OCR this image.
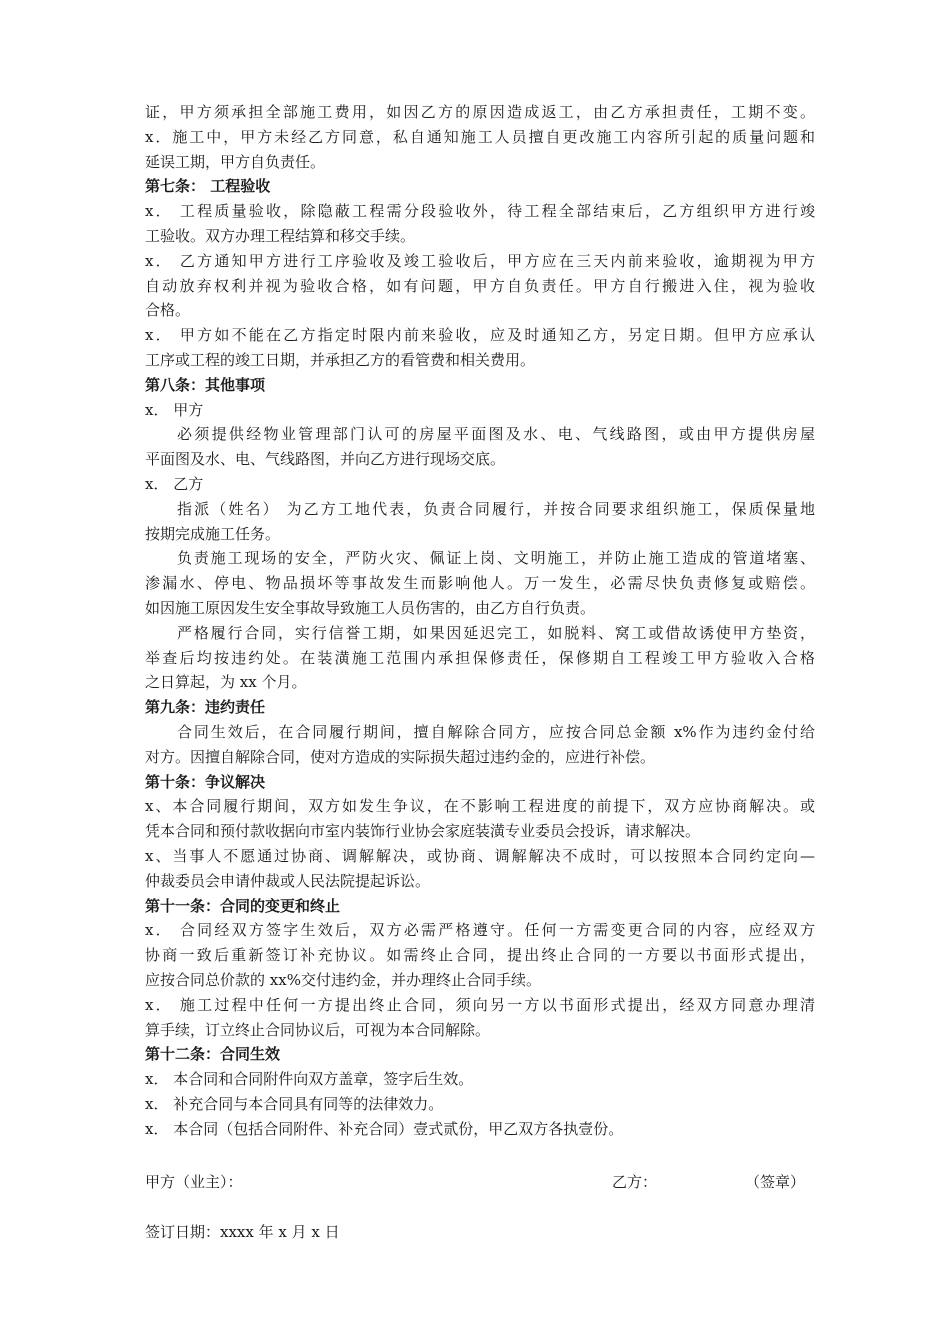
证，甲方须承担全部施工费用，如因乙方的原因造成返工，由乙方承担责任，工期不变。
x．施工中，甲方未经乙方同意，私自通知施工人员擅自更改施工内容所引起的质量问题和
延误工期，甲方自负责任。
第七条： 工程验收
x． 工程质量验收，除隐蔽工程需分段验收外，待工程全部结束后，乙方组织甲方进行竣
工验收。双方办理工程结算和移交手续。
x． 乙方通知甲方进行工序验收及竣工验收后，甲方应在三天内前来验收，逾期视为甲方
自动放弃权利并视为验收合格，如有问题，甲方自负责任。甲方自行搬进入住，视为验收
合格。
x． 甲方如不能在乙方指定时限内前来验收，应及时通知乙方，另定日期。但甲方应承认
工序或工程的竣工日期，并承担乙方的看管费和相关费用。
第八条：其他事项
x． 甲方
必须提供经物业管理部门认可的房屋平面图及水、电、气线路图，或由甲方提供房屋
平面图及水、电、气线路图，并向乙方进行现场交底。
x． 乙方
指派（姓名） 为乙方工地代表，负责合同履行，并按合同要求组织施工，保质保量地
按期完成施工任务。
负责施工现场的安全，严防火灾、佩证上岗、文明施工，并防止施工造成的管道堵塞、
渗漏水、停电、物品损坏等事故发生而影响他人。万一发生，必需尽快负责修复或赔偿。
如因施工原因发生安全事故导致施工人员伤害的，由乙方自行负责。
严格履行合同，实行信誉工期，如果因延迟完工，如脱料、窝工或借故诱使甲方垫资，
举查后均按违约处。在装潢施工范围内承担保修责任，保修期自工程竣工甲方验收入合格
之日算起，为 xx 个月。
第九条：违约责任
合同生效后，在合同履行期间，擅自解除合同方，应按合同总金额 x%作为违约金付给
对方。因擅自解除合同，使对方造成的实际损失超过违约金的，应进行补偿。
第十条：争议解决
x、本合同履行期间，双方如发生争议，在不影响工程进度的前提下，双方应协商解决。或
凭本合同和预付款收据向市室内装饰行业协会家庭装潢专业委员会投诉，请求解决。
x、当事人不愿通过协商、调解解决，或协商、调解解决不成时，可以按照本合同约定向—
仲裁委员会申请仲裁或人民法院提起诉讼。
第十一条：合同的变更和终止
x． 合同经双方签字生效后，双方必需严格遵守。任何一方需变更合同的内容，应经双方
协商一致后重新签订补充协议。如需终止合同，提出终止合同的一方要以书面形式提出，
应按合同总价款的 xx%交付违约金，并办理终止合同手续。
x． 施工过程中任何一方提出终止合同，须向另一方以书面形式提出，经双方同意办理清
算手续，订立终止合同协议后，可视为本合同解除。
第十二条：合同生效
x． 本合同和合同附件向双方盖章，签字后生效。
x． 补充合同与本合同具有同等的法律效力。
x． 本合同（包括合同附件、补充合同）壹式贰份，甲乙双方各执壹份。
甲方（业主）：	乙方：	（签章）
签订日期：xxxx 年 x 月 x 日
